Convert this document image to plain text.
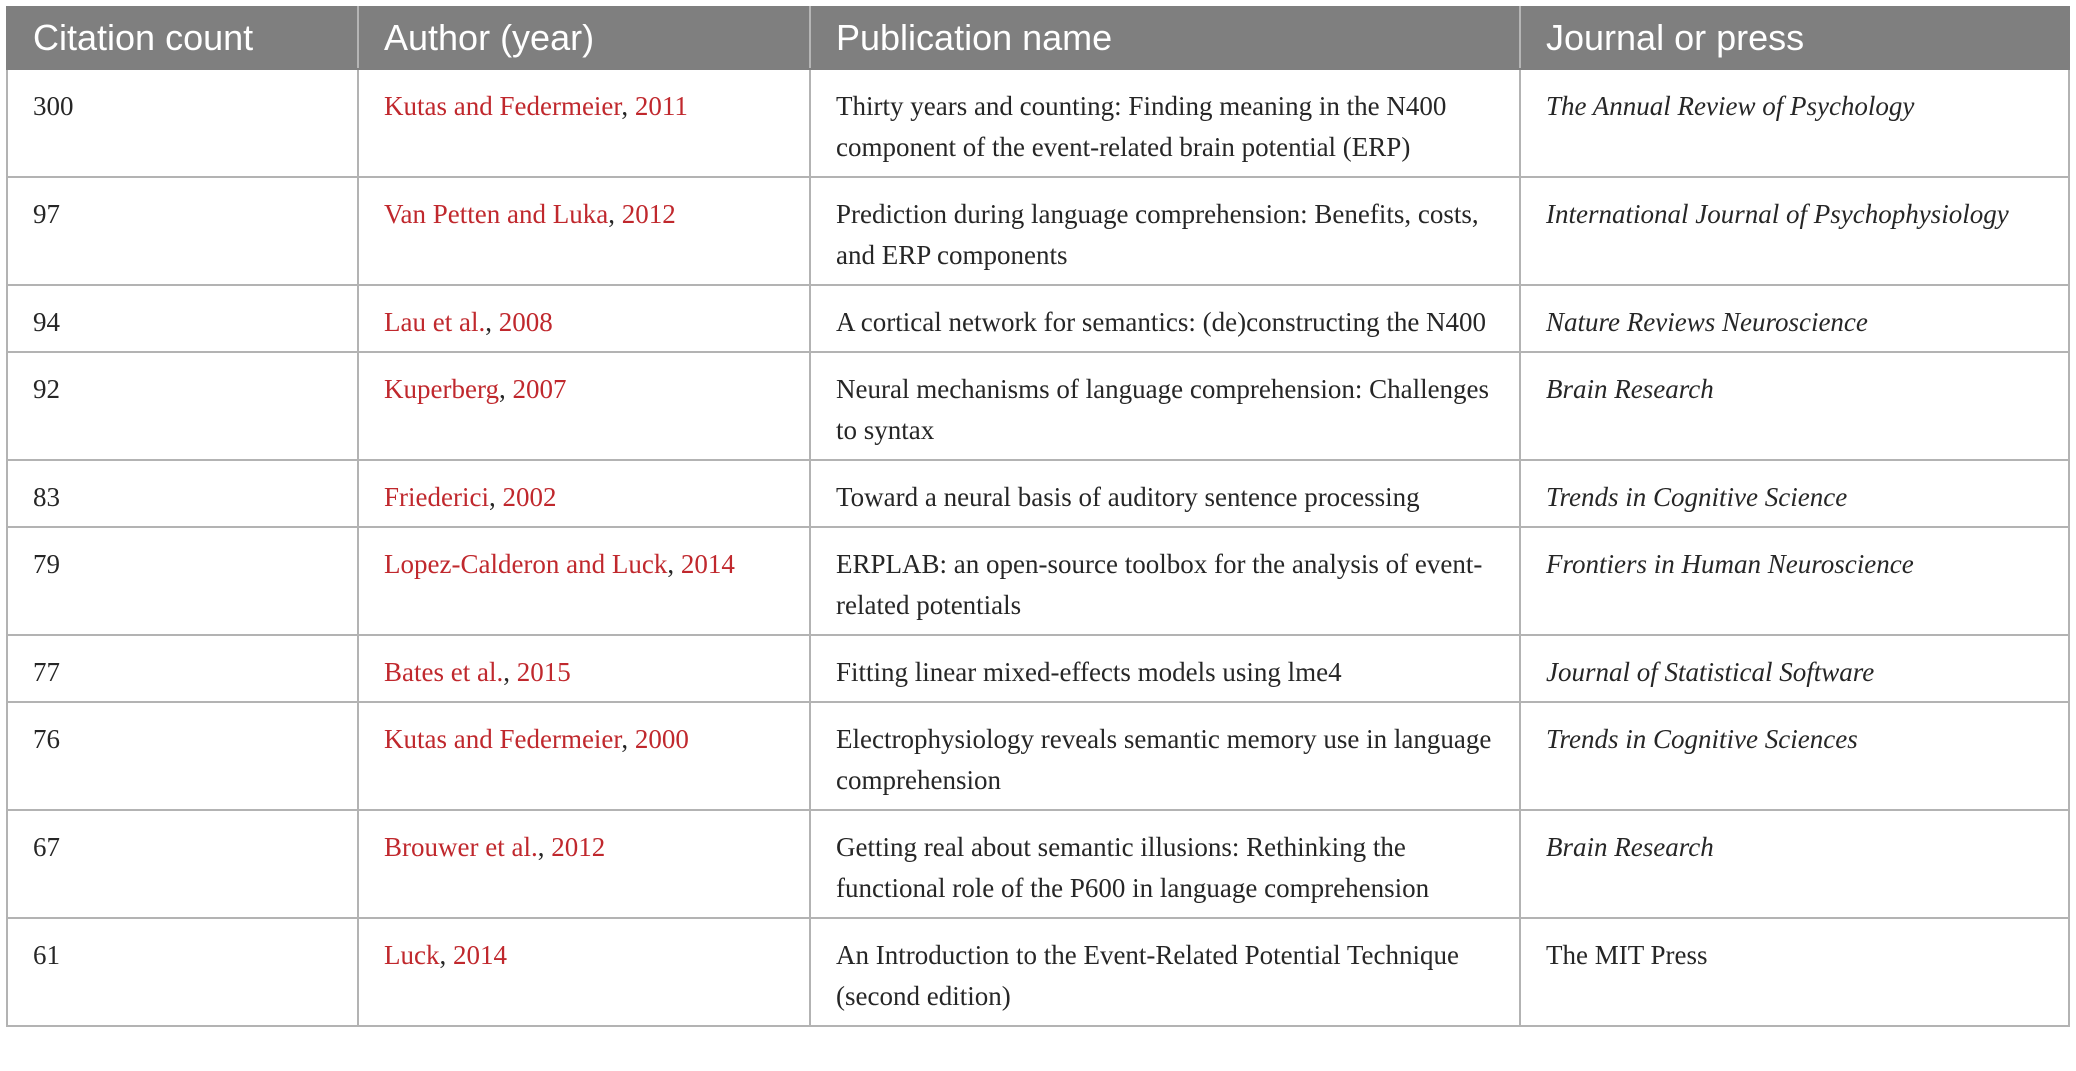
Citation count	Author (year)	Publication name	Journal or press
300	Kutas and Federmeier, 2011	Thirty years and counting: Finding meaning in the N400 component of the event-related brain potential (ERP)	The Annual Review of Psychology
97	Van Petten and Luka, 2012	Prediction during language comprehension: Benefits, costs, and ERP components	International Journal of Psychophysiology
94	Lau et al., 2008	A cortical network for semantics: (de)constructing the N400	Nature Reviews Neuroscience
92	Kuperberg, 2007	Neural mechanisms of language comprehension: Challenges to syntax	Brain Research
83	Friederici, 2002	Toward a neural basis of auditory sentence processing	Trends in Cognitive Science
79	Lopez-Calderon and Luck, 2014	ERPLAB: an open-source toolbox for the analysis of event-related potentials	Frontiers in Human Neuroscience
77	Bates et al., 2015	Fitting linear mixed-effects models using lme4	Journal of Statistical Software
76	Kutas and Federmeier, 2000	Electrophysiology reveals semantic memory use in language comprehension	Trends in Cognitive Sciences
67	Brouwer et al., 2012	Getting real about semantic illusions: Rethinking the functional role of the P600 in language comprehension	Brain Research
61	Luck, 2014	An Introduction to the Event-Related Potential Technique (second edition)	The MIT Press
